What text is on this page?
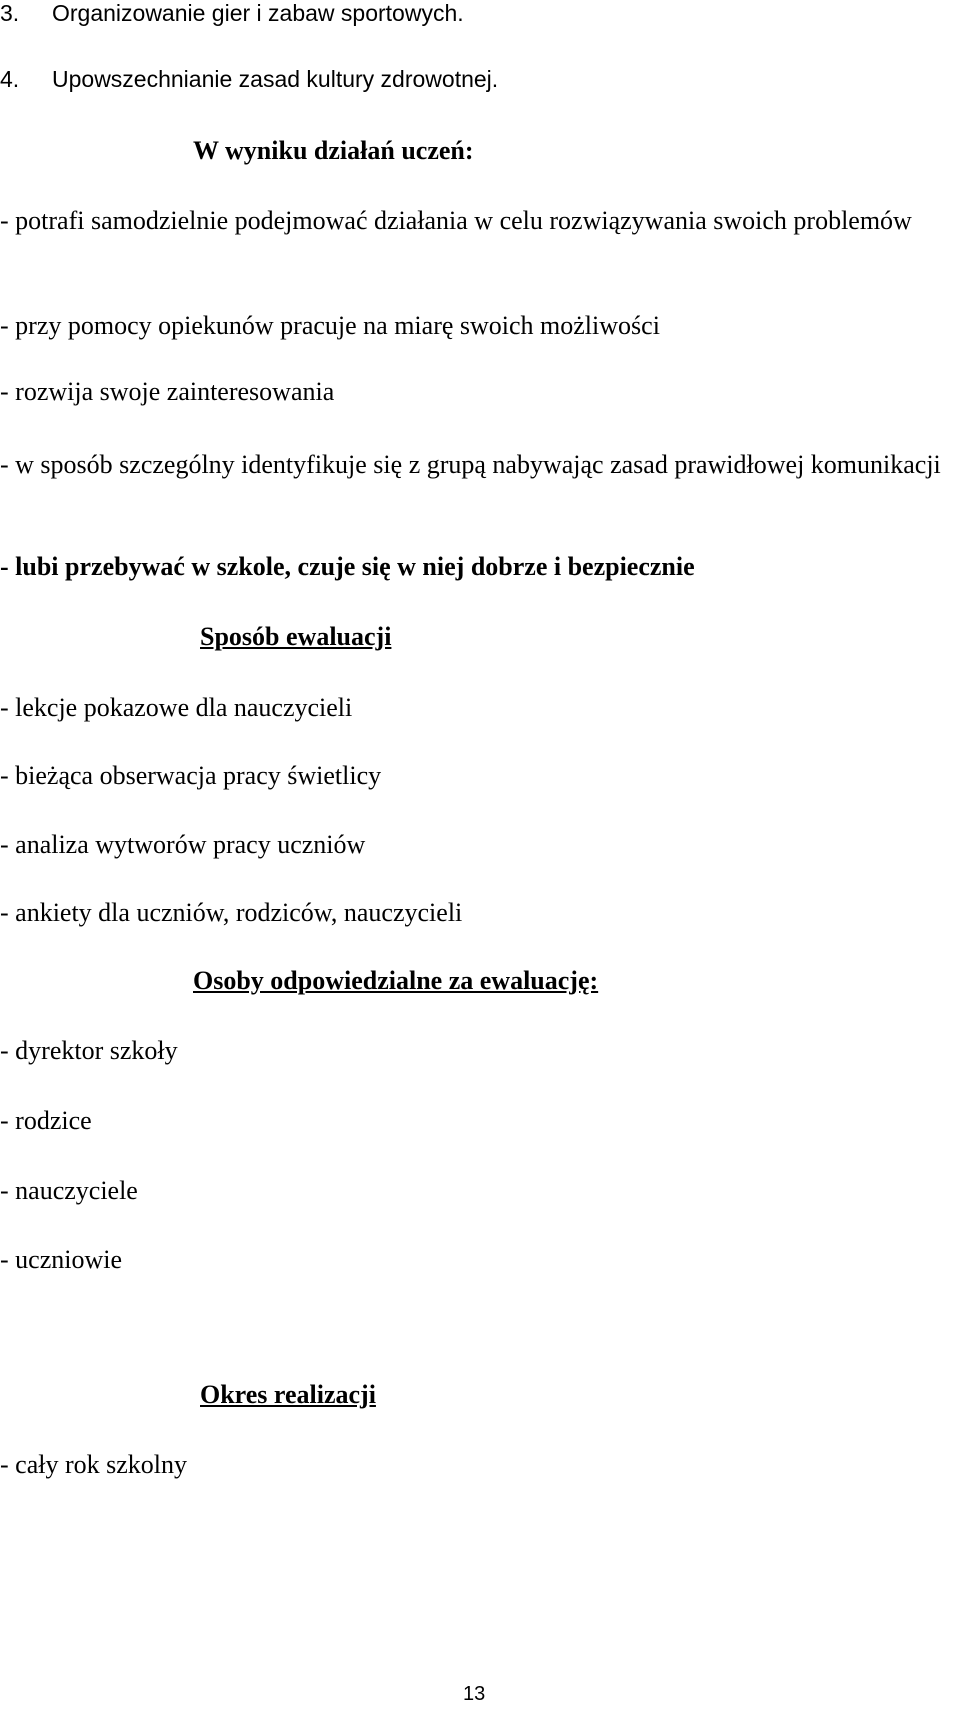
3. Organizowanie gier i zabaw sportowych.

4. Upowszechnianie zasad kultury zdrowotnej.

W wyniku działań uczeń:

- potrafi samodzielnie podejmować działania w celu rozwiązywania swoich problemów

- przy pomocy opiekunów pracuje na miarę swoich możliwości

- rozwija swoje zainteresowania

- w sposób szczególny identyfikuje się z grupą nabywając zasad prawidłowej komunikacji

- lubi przebywać w szkole, czuje się w niej dobrze i bezpiecznie

Sposób ewaluacji

- lekcje pokazowe dla nauczycieli

- bieżąca obserwacja pracy świetlicy

- analiza wytworów pracy uczniów

- ankiety dla uczniów, rodziców, nauczycieli

Osoby odpowiedzialne za ewaluację:

- dyrektor szkoły

- rodzice

- nauczyciele

- uczniowie

Okres realizacji

- cały rok szkolny

13
